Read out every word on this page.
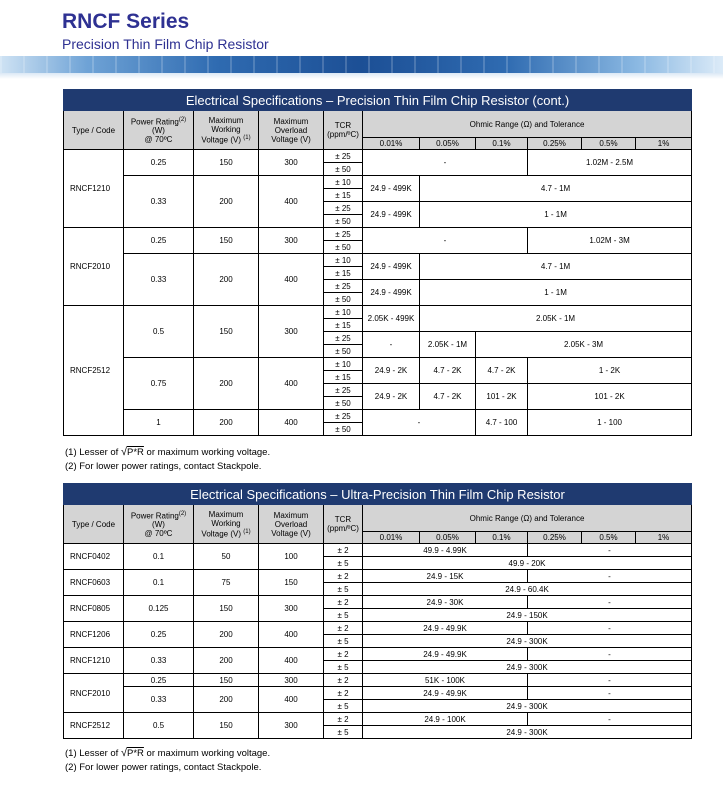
RNCF Series
Precision Thin Film Chip Resistor
Electrical Specifications – Precision Thin Film Chip Resistor (cont.)										
Type / Code	Power Rating$^{(2)}$
(W)
@ 70ºC	Maximum
Working
Voltage (V) $^{(1)}$	Maximum
Overload
Voltage (V)	TCR
(ppm/ºC)	Ohmic Range (Ω) and Tolerance					
					0.01%	0.05%	0.1%	0.25%	0.5%	1%
RNCF1210	0.25	150	300	± 25	-			1.02M - 2.5M		
				± 50						
	0.33	200	400	± 10	24.9 - 499K	4.7 - 1M				
				± 15						
				± 25	24.9 - 499K	1 - 1M				
				± 50						
RNCF2010	0.25	150	300	± 25	-			1.02M - 3M		
				± 50						
	0.33	200	400	± 10	24.9 - 499K	4.7 - 1M				
				± 15						
				± 25	24.9 - 499K	1 - 1M				
				± 50						
RNCF2512	0.5	150	300	± 10	2.05K - 499K	2.05K - 1M				
				± 15						
				± 25	-	2.05K - 1M	2.05K - 3M			
				± 50						
	0.75	200	400	± 10	24.9 - 2K	4.7 - 2K	4.7 - 2K	1 - 2K		
				± 15						
				± 25	24.9 - 2K	4.7 - 2K	101 - 2K	101 - 2K		
				± 50						
	1	200	400	± 25	-		4.7 - 100	1 - 100		
				± 50						
(1) Lesser of √P*R or maximum working voltage.
(2) For lower power ratings, contact Stackpole.
Electrical Specifications – Ultra-Precision Thin Film Chip Resistor										
Type / Code	Power Rating$^{(2)}$
(W)
@ 70ºC	Maximum
Working
Voltage (V) $^{(1)}$	Maximum
Overload
Voltage (V)	TCR
(ppm/ºC)	Ohmic Range (Ω) and Tolerance					
					0.01%	0.05%	0.1%	0.25%	0.5%	1%
RNCF0402	0.1	50	100	± 2	49.9 - 4.99K			-		
				± 5	49.9 - 20K					
RNCF0603	0.1	75	150	± 2	24.9 - 15K			-		
				± 5	24.9 - 60.4K					
RNCF0805	0.125	150	300	± 2	24.9 - 30K			-		
				± 5	24.9 - 150K					
RNCF1206	0.25	200	400	± 2	24.9 - 49.9K			-		
				± 5	24.9 - 300K					
RNCF1210	0.33	200	400	± 2	24.9 - 49.9K			-		
				± 5	24.9 - 300K					
RNCF2010	0.25	150	300	± 2	51K - 100K			-		
	0.33	200	400	± 2	24.9 - 49.9K			-		
				± 5	24.9 - 300K					
RNCF2512	0.5	150	300	± 2	24.9 - 100K			-		
				± 5	24.9 - 300K					
(1) Lesser of √P*R or maximum working voltage.
(2) For lower power ratings, contact Stackpole.
